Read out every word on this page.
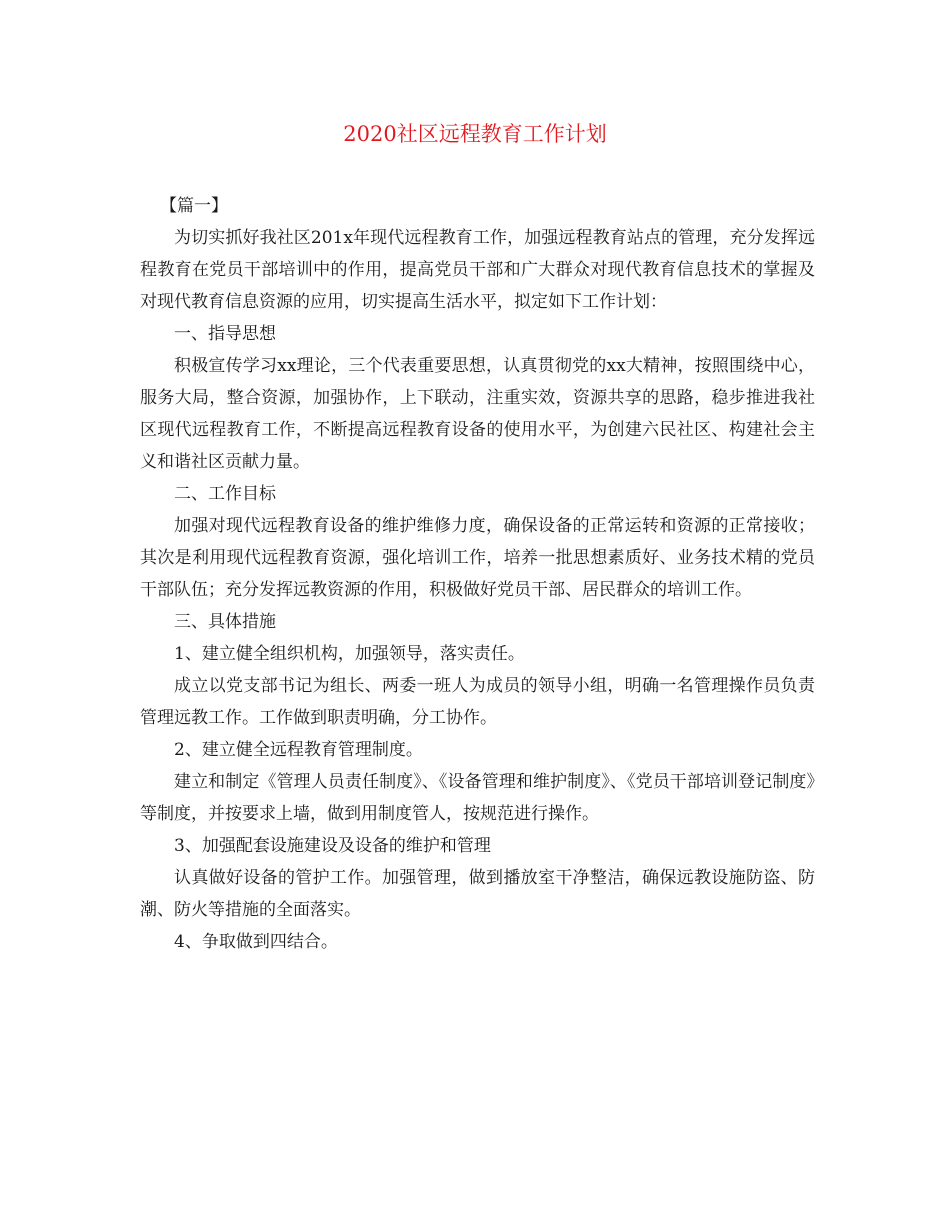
2020社区远程教育工作计划

【篇一】

为切实抓好我社区201x年现代远程教育工作，加强远程教育站点的管理，充分发挥远程教育在党员干部培训中的作用，提高党员干部和广大群众对现代教育信息技术的掌握及对现代教育信息资源的应用，切实提高生活水平，拟定如下工作计划：

一、指导思想

积极宣传学习xx理论，三个代表重要思想，认真贯彻党的xx大精神，按照围绕中心，服务大局，整合资源，加强协作，上下联动，注重实效，资源共享的思路，稳步推进我社区现代远程教育工作，不断提高远程教育设备的使用水平，为创建六民社区、构建社会主义和谐社区贡献力量。

二、工作目标

加强对现代远程教育设备的维护维修力度，确保设备的正常运转和资源的正常接收；其次是利用现代远程教育资源，强化培训工作，培养一批思想素质好、业务技术精的党员干部队伍；充分发挥远教资源的作用，积极做好党员干部、居民群众的培训工作。

三、具体措施

1、建立健全组织机构，加强领导，落实责任。

成立以党支部书记为组长、两委一班人为成员的领导小组，明确一名管理操作员负责管理远教工作。工作做到职责明确，分工协作。

2、建立健全远程教育管理制度。

建立和制定《管理人员责任制度》、《设备管理和维护制度》、《党员干部培训登记制度》等制度，并按要求上墙，做到用制度管人，按规范进行操作。

3、加强配套设施建设及设备的维护和管理

认真做好设备的管护工作。加强管理，做到播放室干净整洁，确保远教设施防盗、防潮、防火等措施的全面落实。

4、争取做到四结合。
